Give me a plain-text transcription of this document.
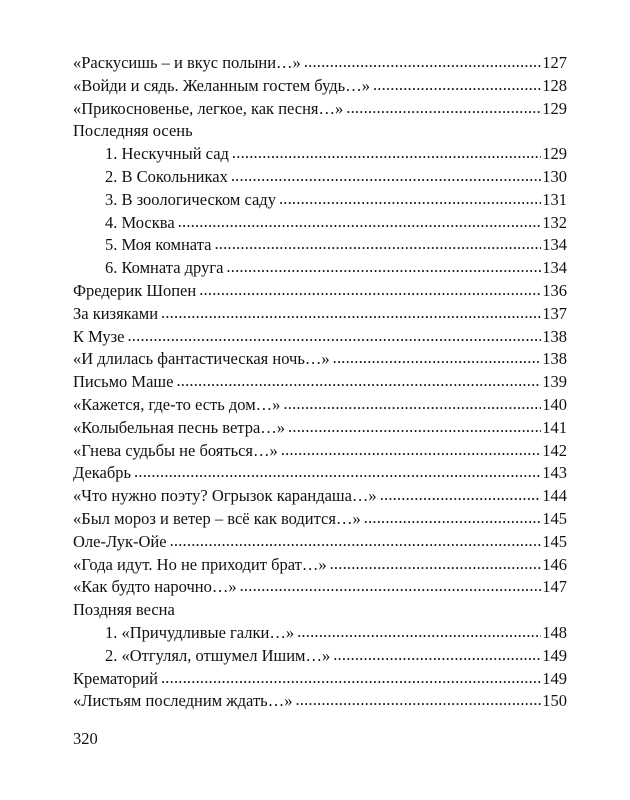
«Раскусишь – и вкус полыни…» .....	127
«Войди и сядь. Желанным гостем будь…» .....	128
«Прикосновенье, легкое, как песня…» .....	129
Последняя осень
1. Нескучный сад .....	129
2. В Сокольниках .....	130
3. В зоологическом саду .....	131
4. Москва .....	132
5. Моя комната .....	134
6. Комната друга .....	134
Фредерик Шопен .....	136
За кизяками .....	137
К Музе .....	138
«И длилась фантастическая ночь…» .....	138
Письмо Маше .....	139
«Кажется, где-то есть дом…» .....	140
«Колыбельная песнь ветра…» .....	141
«Гнева судьбы не бояться…» .....	142
Декабрь .....	143
«Что нужно поэту? Огрызок карандаша…» .....	144
«Был мороз и ветер – всё как водится…» .....	145
Оле-Лук-Ойе .....	145
«Года идут. Но не приходит брат…» .....	146
«Как будто нарочно…» .....	147
Поздняя весна
1. «Причудливые галки…» .....	148
2. «Отгулял, отшумел Ишим…» .....	149
Крематорий .....	149
«Листьям последним ждать…» .....	150
320
